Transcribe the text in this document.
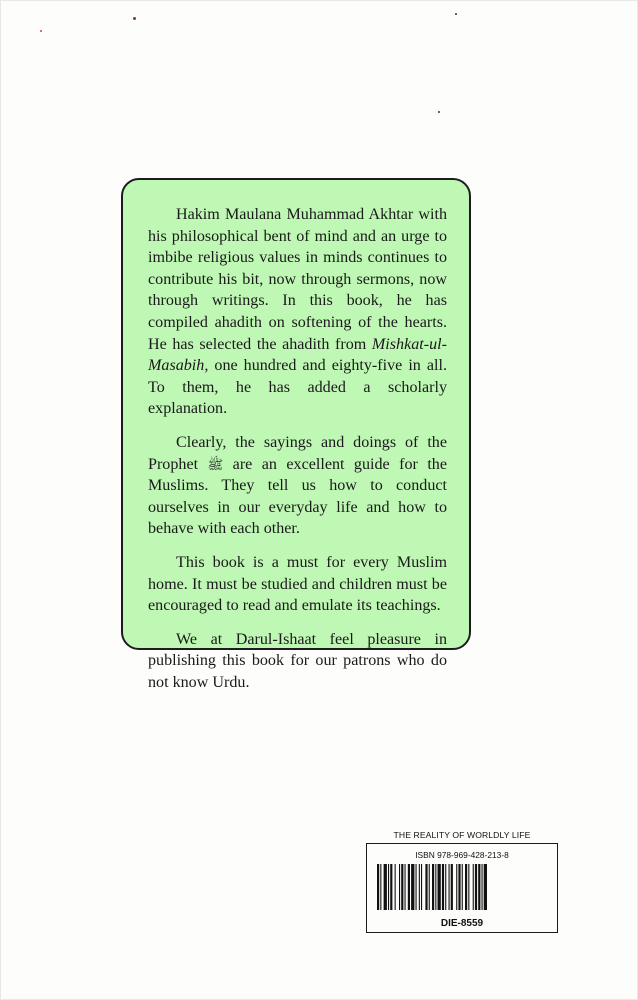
Hakim Maulana Muhammad Akhtar with his philosophical bent of mind and an urge to imbibe religious values in minds continues to contribute his bit, now through sermons, now through writings. In this book, he has compiled ahadith on softening of the hearts. He has selected the ahadith from Mishkat-ul-Masabih, one hundred and eighty-five in all. To them, he has added a scholarly explanation.

Clearly, the sayings and doings of the Prophet ﷺ are an excellent guide for the Muslims. They tell us how to conduct ourselves in our everyday life and how to behave with each other.

This book is a must for every Muslim home. It must be studied and children must be encouraged to read and emulate its teachings.

We at Darul-Ishaat feel pleasure in publishing this book for our patrons who do not know Urdu.

THE REALITY OF WORLDLY LIFE
ISBN 978-969-428-213-8
DIE-8559
